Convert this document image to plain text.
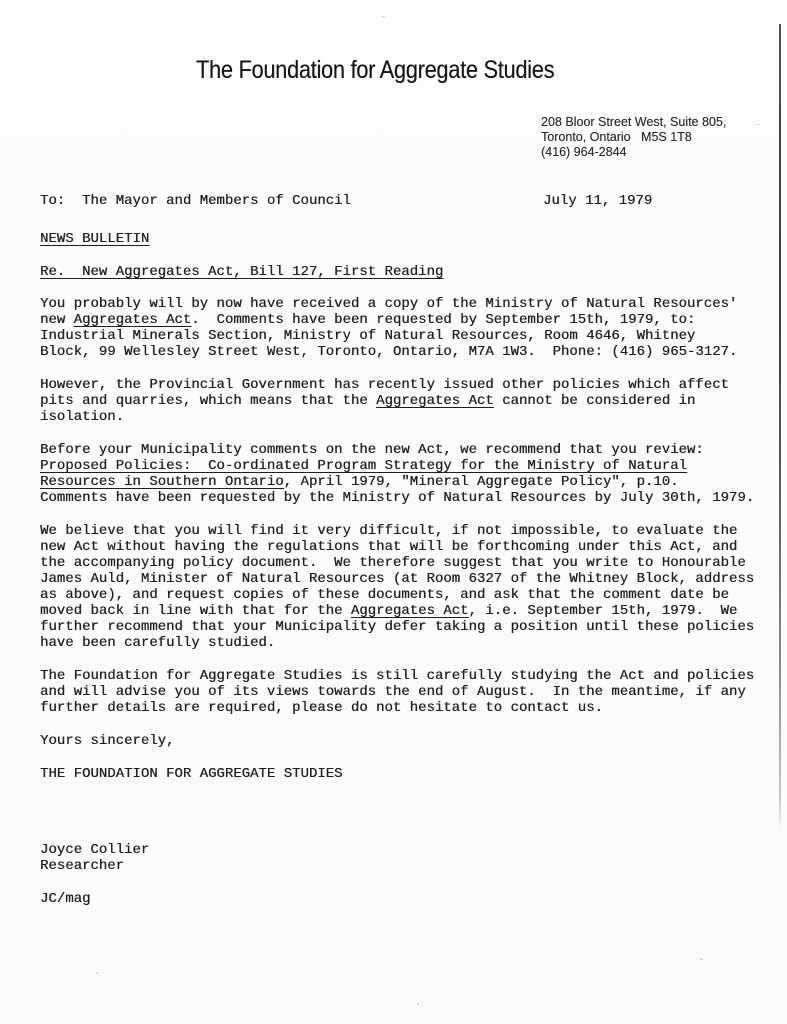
The Foundation for Aggregate Studies
208 Bloor Street West, Suite 805,
Toronto, Ontario   M5S 1T8
(416) 964-2844
To:  The Mayor and Members of Council	July 11, 1979
NEWS BULLETIN
Re.  New Aggregates Act, Bill 127, First Reading
You probably will by now have received a copy of the Ministry of Natural Resources'
new Aggregates Act.  Comments have been requested by September 15th, 1979, to:
Industrial Minerals Section, Ministry of Natural Resources, Room 4646, Whitney
Block, 99 Wellesley Street West, Toronto, Ontario, M7A 1W3.  Phone: (416) 965-3127.
However, the Provincial Government has recently issued other policies which affect
pits and quarries, which means that the Aggregates Act cannot be considered in
isolation.
Before your Municipality comments on the new Act, we recommend that you review:
Proposed Policies:  Co-ordinated Program Strategy for the Ministry of Natural
Resources in Southern Ontario, April 1979, "Mineral Aggregate Policy", p.10.
Comments have been requested by the Ministry of Natural Resources by July 30th, 1979.
We believe that you will find it very difficult, if not impossible, to evaluate the
new Act without having the regulations that will be forthcoming under this Act, and
the accompanying policy document.  We therefore suggest that you write to Honourable
James Auld, Minister of Natural Resources (at Room 6327 of the Whitney Block, address
as above), and request copies of these documents, and ask that the comment date be
moved back in line with that for the Aggregates Act, i.e. September 15th, 1979.  We
further recommend that your Municipality defer taking a position until these policies
have been carefully studied.
The Foundation for Aggregate Studies is still carefully studying the Act and policies
and will advise you of its views towards the end of August.  In the meantime, if any
further details are required, please do not hesitate to contact us.
Yours sincerely,
THE FOUNDATION FOR AGGREGATE STUDIES
Joyce Collier
Researcher
JC/mag
